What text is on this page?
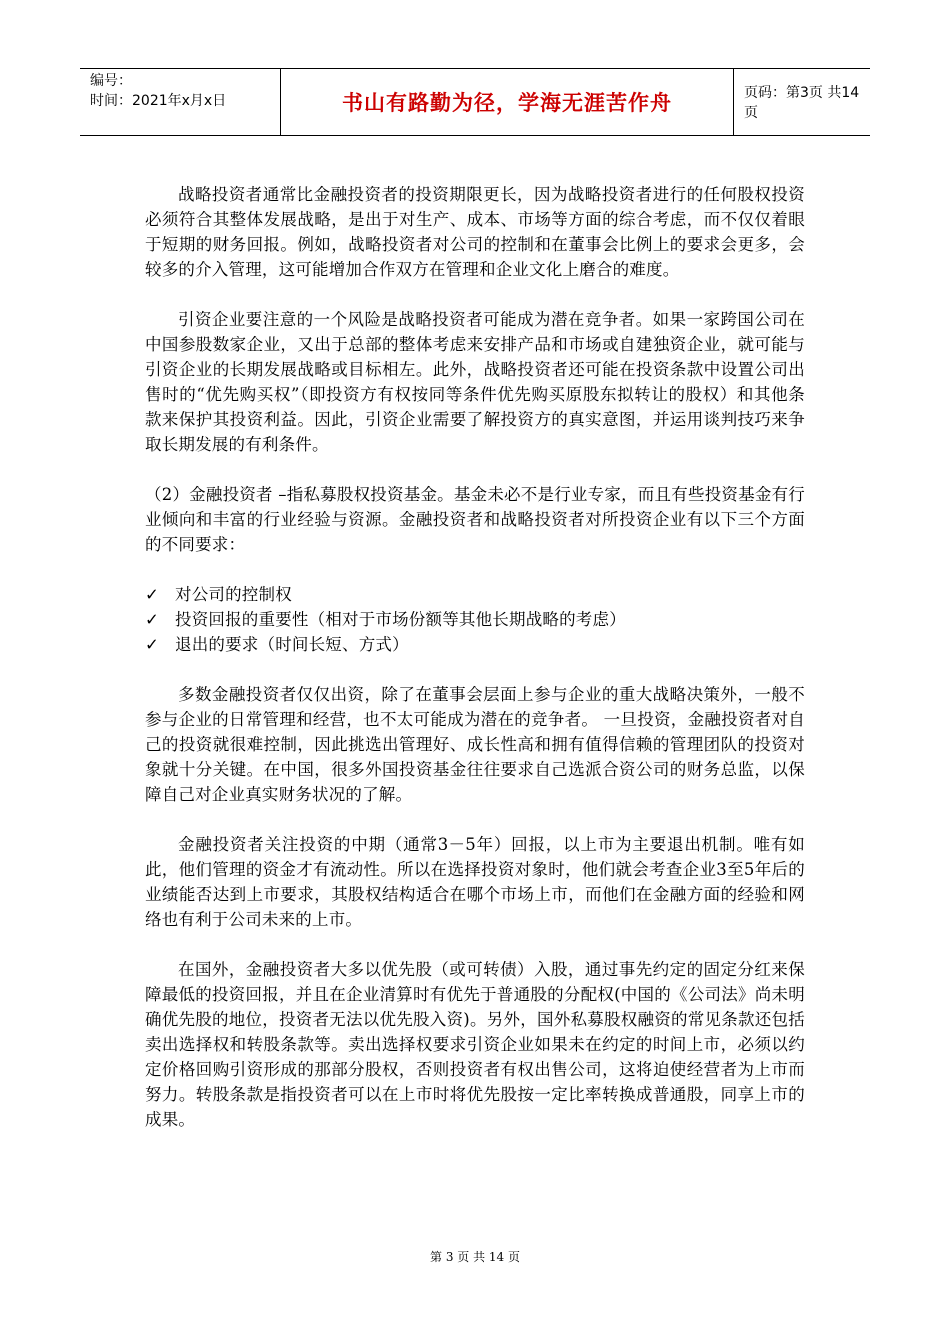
编号：
时间：2021年x月x日	书山有路勤为径，学海无涯苦作舟	页码：第3页 共14页

战略投资者通常比金融投资者的投资期限更长，因为战略投资者进行的任何股权投资必须符合其整体发展战略，是出于对生产、成本、市场等方面的综合考虑，而不仅仅着眼于短期的财务回报。例如，战略投资者对公司的控制和在董事会比例上的要求会更多，会较多的介入管理，这可能增加合作双方在管理和企业文化上磨合的难度。

引资企业要注意的一个风险是战略投资者可能成为潜在竞争者。如果一家跨国公司在中国参股数家企业，又出于总部的整体考虑来安排产品和市场或自建独资企业，就可能与引资企业的长期发展战略或目标相左。此外，战略投资者还可能在投资条款中设置公司出售时的“优先购买权”（即投资方有权按同等条件优先购买原股东拟转让的股权）和其他条款来保护其投资利益。因此，引资企业需要了解投资方的真实意图，并运用谈判技巧来争取长期发展的有利条件。

（2）金融投资者 –指私募股权投资基金。基金未必不是行业专家，而且有些投资基金有行业倾向和丰富的行业经验与资源。金融投资者和战略投资者对所投资企业有以下三个方面的不同要求：

✓ 对公司的控制权
✓ 投资回报的重要性（相对于市场份额等其他长期战略的考虑）
✓ 退出的要求（时间长短、方式）

多数金融投资者仅仅出资，除了在董事会层面上参与企业的重大战略决策外，一般不参与企业的日常管理和经营，也不太可能成为潜在的竞争者。 一旦投资，金融投资者对自己的投资就很难控制，因此挑选出管理好、成长性高和拥有值得信赖的管理团队的投资对象就十分关键。在中国，很多外国投资基金往往要求自己选派合资公司的财务总监，以保障自己对企业真实财务状况的了解。

金融投资者关注投资的中期（通常3－5年）回报，以上市为主要退出机制。唯有如此，他们管理的资金才有流动性。所以在选择投资对象时，他们就会考查企业3至5年后的业绩能否达到上市要求，其股权结构适合在哪个市场上市，而他们在金融方面的经验和网络也有利于公司未来的上市。

在国外，金融投资者大多以优先股（或可转债）入股，通过事先约定的固定分红来保障最低的投资回报，并且在企业清算时有优先于普通股的分配权(中国的《公司法》尚未明确优先股的地位，投资者无法以优先股入资)。另外，国外私募股权融资的常见条款还包括卖出选择权和转股条款等。卖出选择权要求引资企业如果未在约定的时间上市，必须以约定价格回购引资形成的那部分股权，否则投资者有权出售公司，这将迫使经营者为上市而努力。转股条款是指投资者可以在上市时将优先股按一定比率转换成普通股，同享上市的成果。

第 3 页 共 14 页
